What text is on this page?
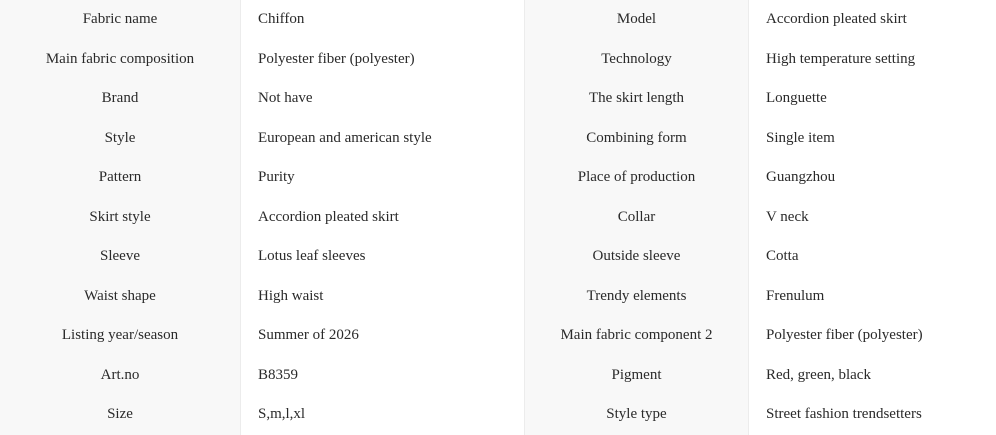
Fabric name	Chiffon	Model	Accordion pleated skirt
Main fabric composition	Polyester fiber (polyester)	Technology	High temperature setting
Brand	Not have	The skirt length	Longuette
Style	European and american style	Combining form	Single item
Pattern	Purity	Place of production	Guangzhou
Skirt style	Accordion pleated skirt	Collar	V neck
Sleeve	Lotus leaf sleeves	Outside sleeve	Cotta
Waist shape	High waist	Trendy elements	Frenulum
Listing year/season	Summer of 2026	Main fabric component 2	Polyester fiber (polyester)
Art.no	B8359	Pigment	Red, green, black
Size	S,m,l,xl	Style type	Street fashion trendsetters
